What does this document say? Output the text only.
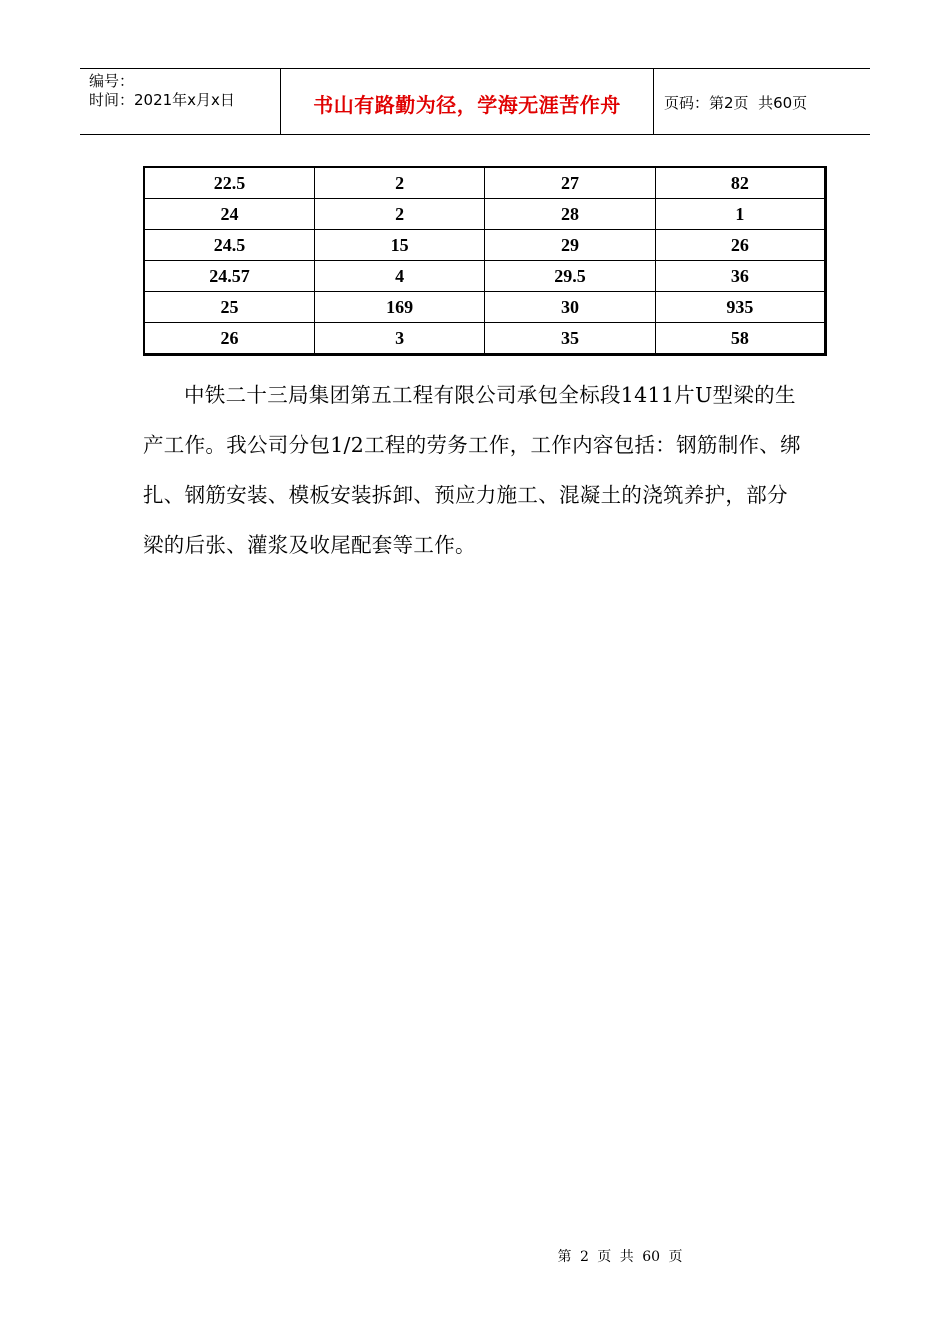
编号：
时间：2021年x月x日	书山有路勤为径，学海无涯苦作舟	页码：第2页  共60页
22.5	2	27	82
24	2	28	1
24.5	15	29	26
24.57	4	29.5	36
25	169	30	935
26	3	35	58

中铁二十三局集团第五工程有限公司承包全标段1411片U型梁的生产工作。我公司分包1/2工程的劳务工作，工作内容包括：钢筋制作、绑扎、钢筋安装、模板安装拆卸、预应力施工、混凝土的浇筑养护，部分梁的后张、灌浆及收尾配套等工作。

第 2 页 共 60 页
